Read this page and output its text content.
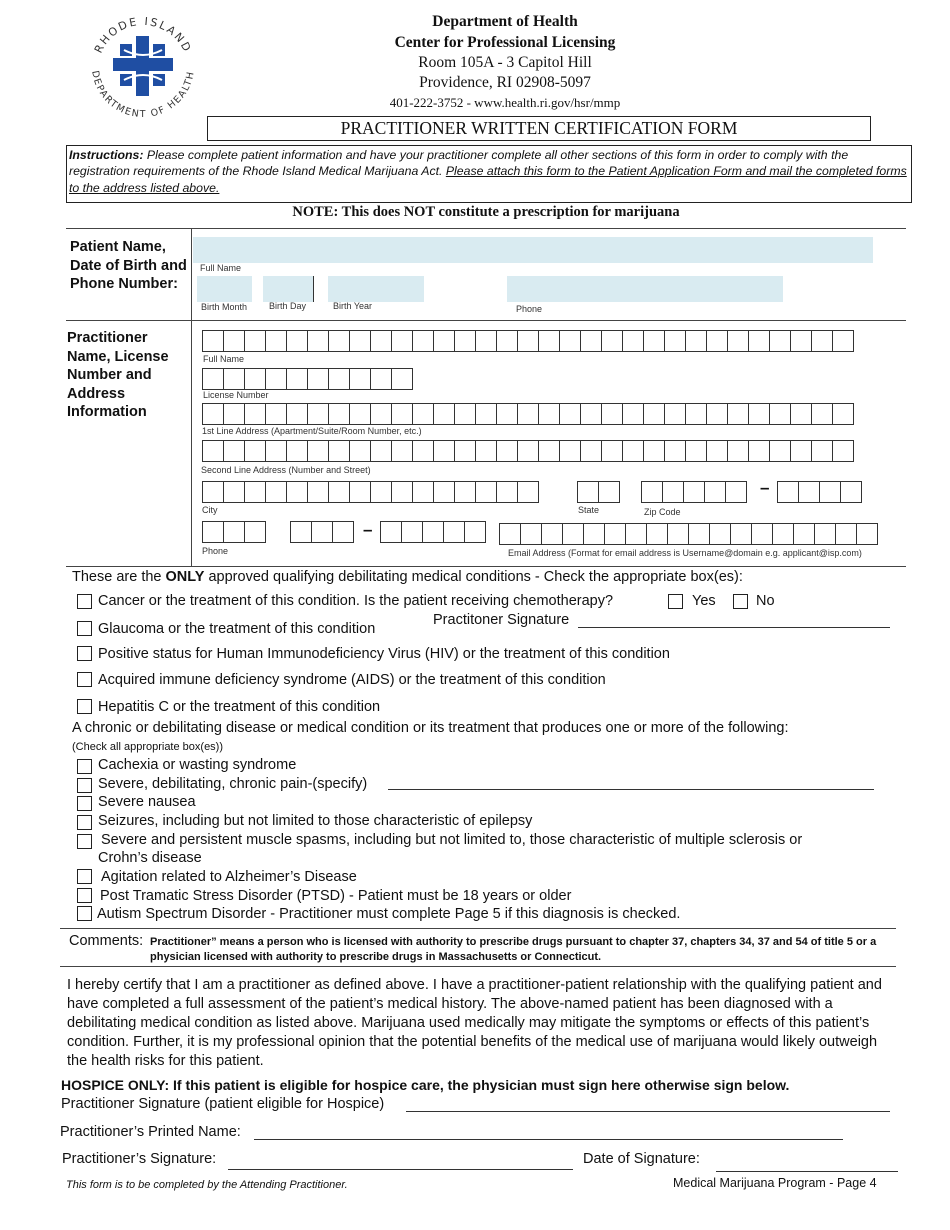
RHODE ISLAND
DEPARTMENT OF HEALTH
Department of Health
Center for Professional Licensing
Room 105A - 3 Capitol Hill
Providence, RI 02908-5097
401-222-3752 - www.health.ri.gov/hsr/mmp
PRACTITIONER WRITTEN CERTIFICATION FORM
Instructions: Please complete patient information and have your practitioner complete all other sections of this form in order to comply with the registration requirements of the Rhode Island Medical Marijuana Act. Please attach this form to the Patient Application Form and mail the completed forms to the address listed above.
NOTE: This does NOT constitute a prescription for marijuana
Patient Name, Date of Birth and Phone Number:
Full Name
Birth Month Birth Day	Birth Year	Phone
Practitioner Name, License Number and Address Information
Full Name
License Number
1st Line Address (Apartment/Suite/Room Number, etc.)
Second Line Address (Number and Street)
City	State
–
Zip Code
–
Phone	Email Address (Format for email address is Username@domain e.g. applicant@isp.com)
These are the ONLY approved qualifying debilitating medical conditions - Check the appropriate box(es):
Cancer or the treatment of this condition. Is the patient receiving chemotherapy?	Yes	No
Practitoner Signature
Glaucoma or the treatment of this condition
Positive status for Human Immunodeficiency Virus (HIV) or the treatment of this condition
Acquired immune deficiency syndrome (AIDS) or the treatment of this condition
Hepatitis C or the treatment of this condition
A chronic or debilitating disease or medical condition or its treatment that produces one or more of the following:
(Check all appropriate box(es))
Cachexia or wasting syndrome
Severe, debilitating, chronic pain-(specify)
Severe nausea
Seizures, including but not limited to those characteristic of epilepsy
Severe and persistent muscle spasms, including but not limited to, those characteristic of multiple sclerosis or
Crohn’s disease
Agitation related to Alzheimer’s Disease
Post Tramatic Stress Disorder (PTSD) - Patient must be 18 years or older
Autism Spectrum Disorder - Practitioner must complete Page 5 if this diagnosis is checked.
Comments: Practitioner” means a person who is licensed with authority to prescribe drugs pursuant to chapter 37, chapters 34, 37 and 54 of title 5 or a physician licensed with authority to prescribe drugs in Massachusetts or Connecticut.
I hereby certify that I am a practitioner as defined above. I have a practitioner-patient relationship with the qualifying patient and have completed a full assessment of the patient’s medical history. The above-named patient has been diagnosed with a debilitating medical condition as listed above. Marijuana used medically may mitigate the symptoms or effects of this patient’s condition. Further, it is my professional opinion that the potential benefits of the medical use of marijuana would likely outweigh the health risks for this patient.
HOSPICE ONLY: If this patient is eligible for hospice care, the physician must sign here otherwise sign below.
Practitioner Signature (patient eligible for Hospice)
Practitioner’s Printed Name:
Practitioner’s Signature:	Date of Signature:
This form is to be completed by the Attending Practitioner.	Medical Marijuana Program - Page 4
